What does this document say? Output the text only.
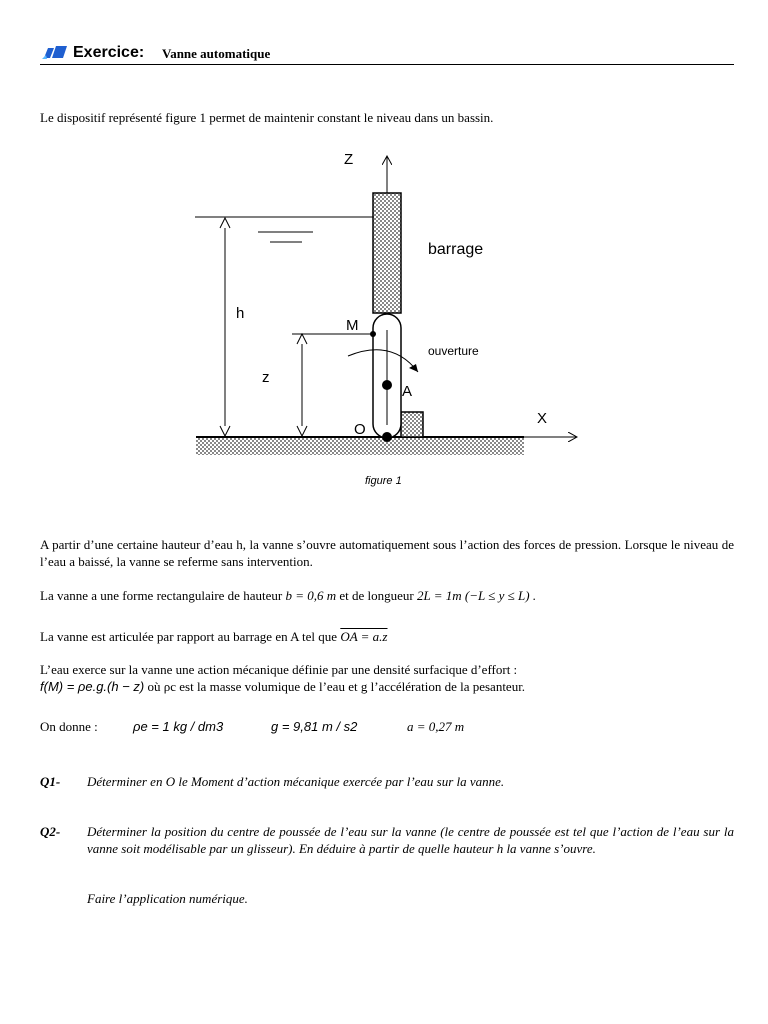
Exercice: Vanne automatique
Le dispositif représenté figure 1 permet de maintenir constant le niveau dans un bassin.
Z
X
h
z
M
ouverture
A
O
barrage
figure 1
A partir d’une certaine hauteur d’eau h, la vanne s’ouvre automatiquement sous l’action des forces de pression. Lorsque le niveau de l’eau a baissé, la vanne se referme sans intervention.
La vanne a une forme rectangulaire de hauteur b = 0,6 m et de longueur 2L = 1m (−L ≤ y ≤ L) .
La vanne est articulée par rapport au barrage en A tel que OA = a.z
L’eau exerce sur la vanne une action mécanique définie par une densité surfacique d’effort :
f(M) = ρe.g.(h − z) où ρc est la masse volumique de l’eau et g l’accélération de la pesanteur.
On donne :	ρe = 1 kg / dm3	g = 9,81 m / s2	a = 0,27 m
Q1- Déterminer en O le Moment d’action mécanique exercée par l’eau sur la vanne.
Q2- Déterminer la position du centre de poussée de l’eau sur la vanne (le centre de poussée est tel que l’action de l’eau sur la vanne soit modélisable par un glisseur). En déduire à partir de quelle hauteur h la vanne s’ouvre.
Faire l’application numérique.
